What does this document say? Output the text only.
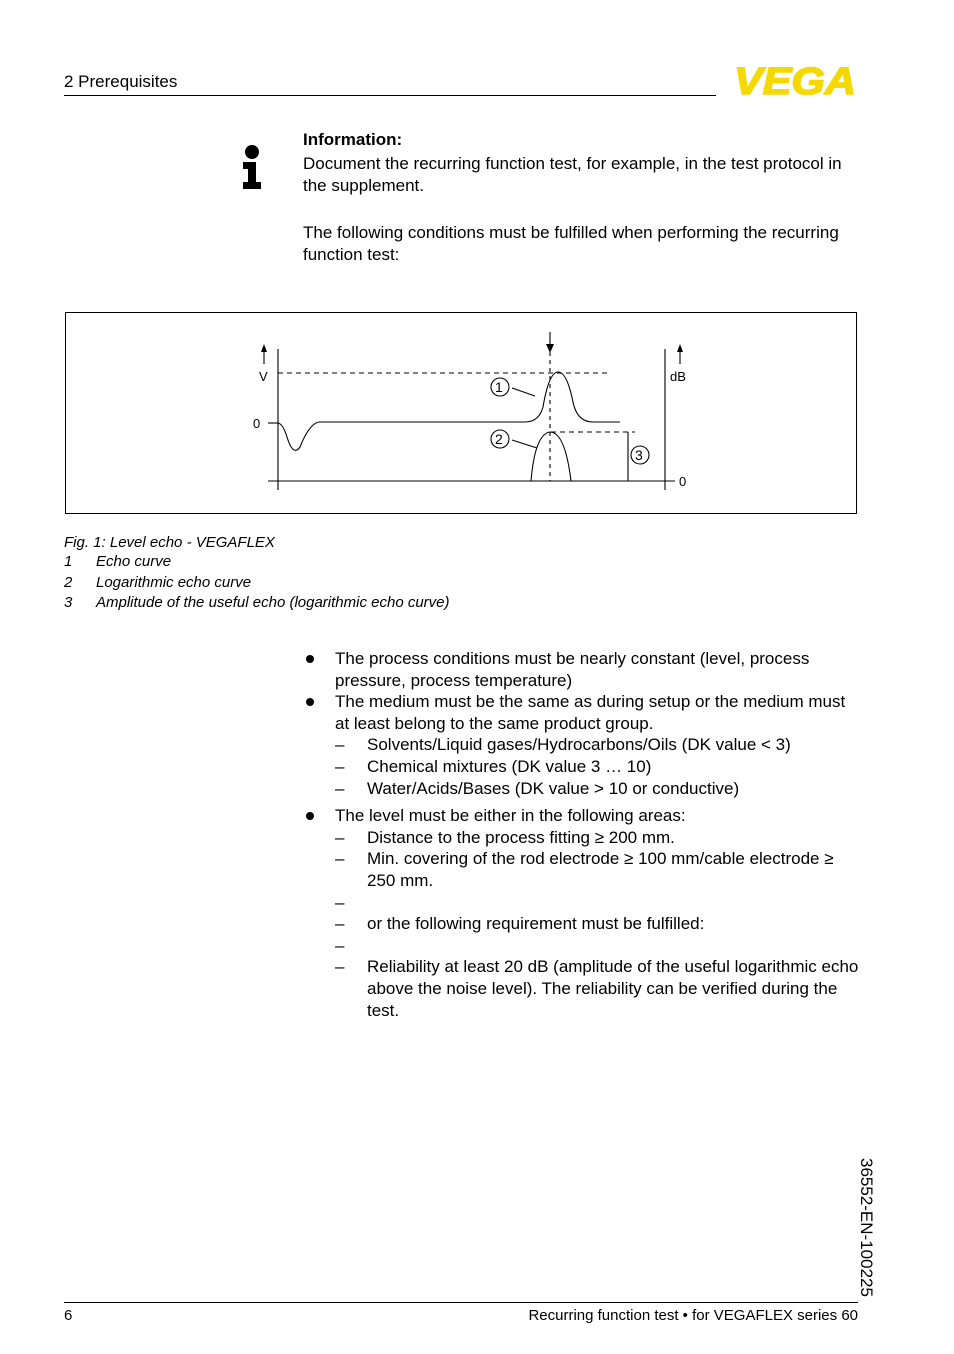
2 Prerequisites	VEGA
Information:
Document the recurring function test, for example, in the test protocol in the supplement.
The following conditions must be fulfilled when performing the recurring function test:
V	dB
0
0
1
2
3
Fig. 1: Level echo - VEGAFLEX
1 Echo curve
2 Logarithmic echo curve
3 Amplitude of the useful echo (logarithmic echo curve)
The process conditions must be nearly constant (level, process pressure, process temperature)
The medium must be the same as during setup or the medium must at least belong to the same product group.
– Solvents/Liquid gases/Hydrocarbons/Oils (DK value < 3)
– Chemical mixtures (DK value 3 … 10)
– Water/Acids/Bases (DK value > 10 or conductive)
The level must be either in the following areas:
– Distance to the process fitting ≥ 200 mm.
– Min. covering of the rod electrode ≥ 100 mm/cable electrode ≥ 250 mm.
–
– or the following requirement must be fulfilled:
–
– Reliability at least 20 dB (amplitude of the useful logarithmic echo above the noise level). The reliability can be verified during the test.
36552-EN-100225
6	Recurring function test • for VEGAFLEX series 60
